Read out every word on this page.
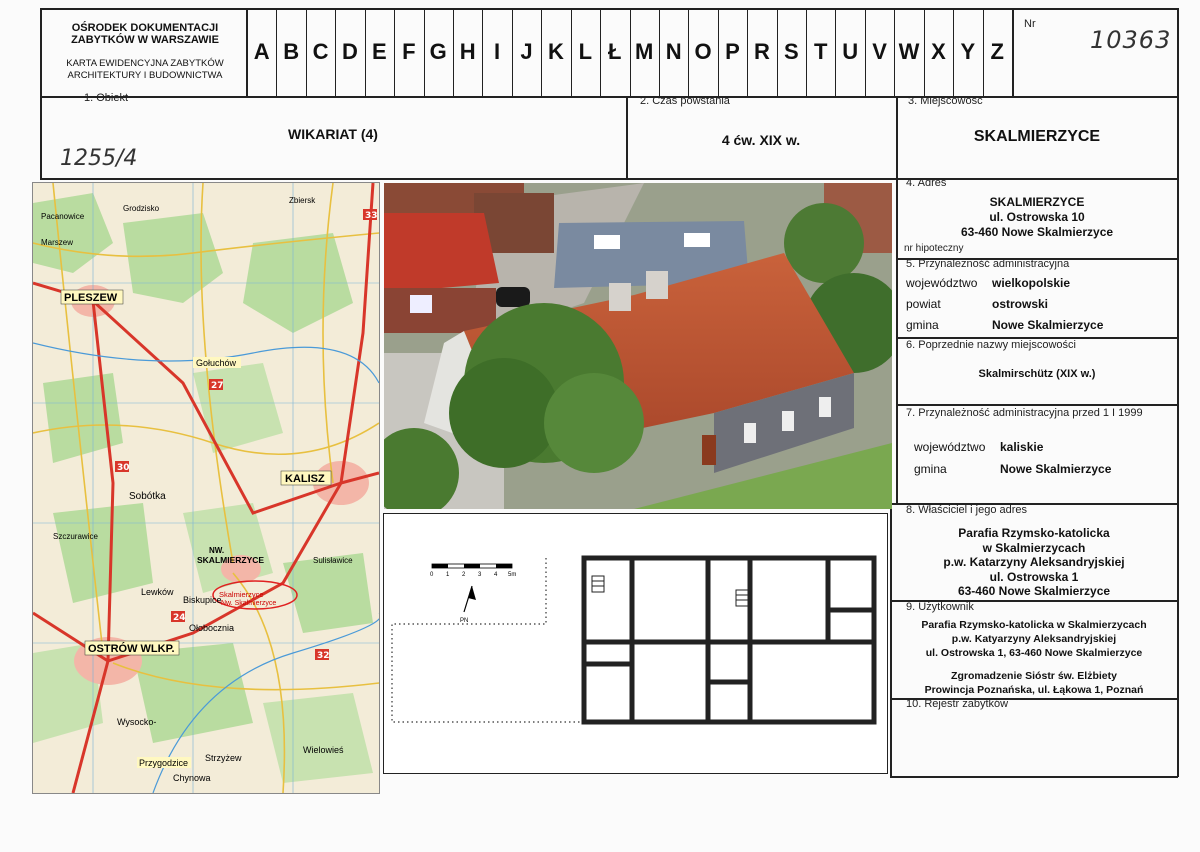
OŚRODEK DOKUMENTACJI
ZABYTKÓW W WARSZAWIE
KARTA EWIDENCYJNA ZABYTKÓW
ARCHITEKTURY I BUDOWNICTWA
A B C D E F G H I J K L Ł M N O P R S T U V W X Y Z
Nr
10363
1. Obiekt
WIKARIAT (4)
1255/4
2. Czas powstania
4 ćw. XIX w.
3. Miejscowość
SKALMIERZYCE
4. Adres
SKALMIERZYCE
ul. Ostrowska 10
63-460 Nowe Skalmierzyce
nr hipoteczny
5. Przynależność administracyjna
województwo wielkopolskie
powiat	ostrowski
gmina	Nowe Skalmierzyce
6. Poprzednie nazwy miejscowości
Skalmirschütz (XIX w.)
7. Przynależność administracyjna przed 1 I 1999
województwo kaliskie
gmina	Nowe Skalmierzyce
8. Właściciel i jego adres
Parafia Rzymsko-katolicka
w Skalmierzycach
p.w. Katarzyny Aleksandryjskiej
ul. Ostrowska 1
63-460 Nowe Skalmierzyce
9. Użytkownik
Parafia Rzymsko-katolicka w Skalmierzycach
p.w. Katyarzyny Aleksandryjskiej
ul. Ostrowska 1, 63-460 Nowe Skalmierzyce
Zgromadzenie Sióstr św. Elżbiety
Prowincja Poznańska, ul. Łąkowa 1, Poznań
10. Rejestr zabytków
33
27
30
24
32
PLESZEW
KALISZ
OSTRÓW WLKP.
NW.
SKALMIERZYCE
Sobótka
Gołuchów
Skalmierzyce
Nw. Skalmierzyce
Przygodzice
Chynowa
Wysocko-
Ołobocznia
Biskupice
Lewków
Wielowieś
Strzyżew
Pacanowice
Marszew
Grodzisko
Zbiersk
Sulisławice
Szczurawice
0 1 2 3 4 5m
PN
